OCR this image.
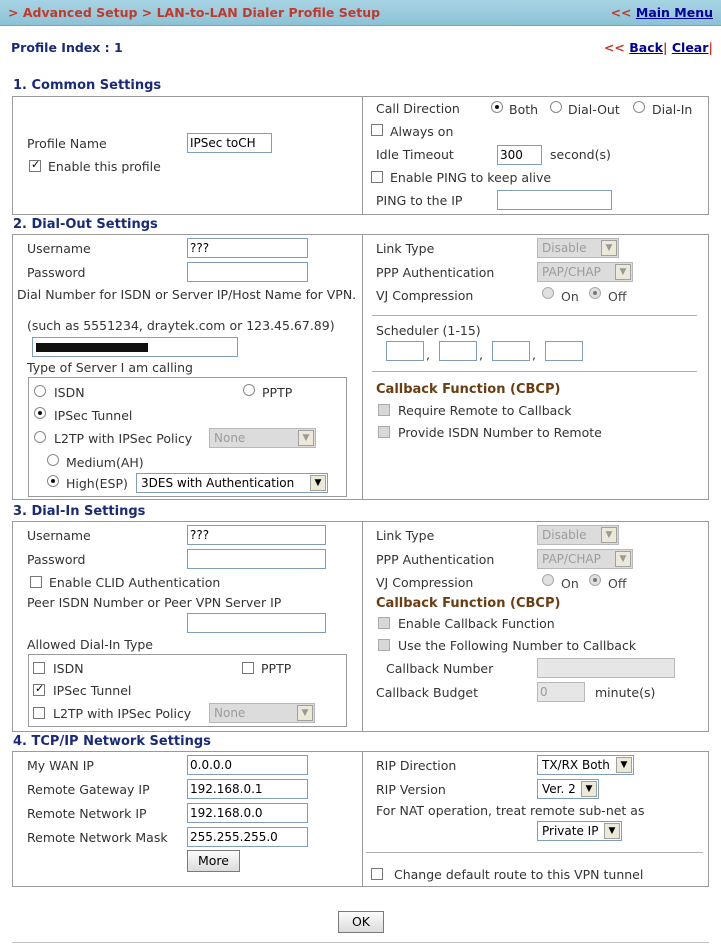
> Advanced Setup > LAN-to-LAN Dialer Profile Setup	<< Main Menu
Profile Index : 1	<< Back| Clear|
1. Common Settings
Profile Name	IPSec toCH
✓
Enable this profile
Call Direction	Both Dial-Out	Dial-In
Always on
Idle Timeout	300	second(s)
Enable PING to keep alive
PING to the IP
2. Dial-Out Settings
Username	???
Password
Dial Number for ISDN or Server IP/Host Name for VPN.
(such as 5551234, draytek.com or 123.45.67.89)
Type of Server I am calling
ISDN	PPTP
IPSec Tunnel
L2TP with IPSec Policy	None	▼
Medium(AH)
High(ESP)	3DES with Authentication	▼
Link Type	Disable	▼
PPP Authentication	PAP/CHAP	▼
VJ Compression	On Off
Scheduler (1-15)
,	,	,
Callback Function (CBCP)
Require Remote to Callback
Provide ISDN Number to Remote
3. Dial-In Settings
Username	???
Password
Enable CLID Authentication
Peer ISDN Number or Peer VPN Server IP
Allowed Dial-In Type
ISDN	PPTP
✓
IPSec Tunnel
L2TP with IPSec Policy	None	▼
Link Type	Disable	▼
PPP Authentication	PAP/CHAP	▼
VJ Compression	On Off
Callback Function (CBCP)
Enable Callback Function
Use the Following Number to Callback
Callback Number
Callback Budget	0	minute(s)
4. TCP/IP Network Settings
My WAN IP	0.0.0.0
Remote Gateway IP	192.168.0.1
Remote Network IP	192.168.0.0
Remote Network Mask 255.255.255.0
More
RIP Direction	TX/RX Both	▼
RIP Version	Ver. 2	▼
For NAT operation, treat remote sub-net as
Private IP	▼
Change default route to this VPN tunnel
OK
